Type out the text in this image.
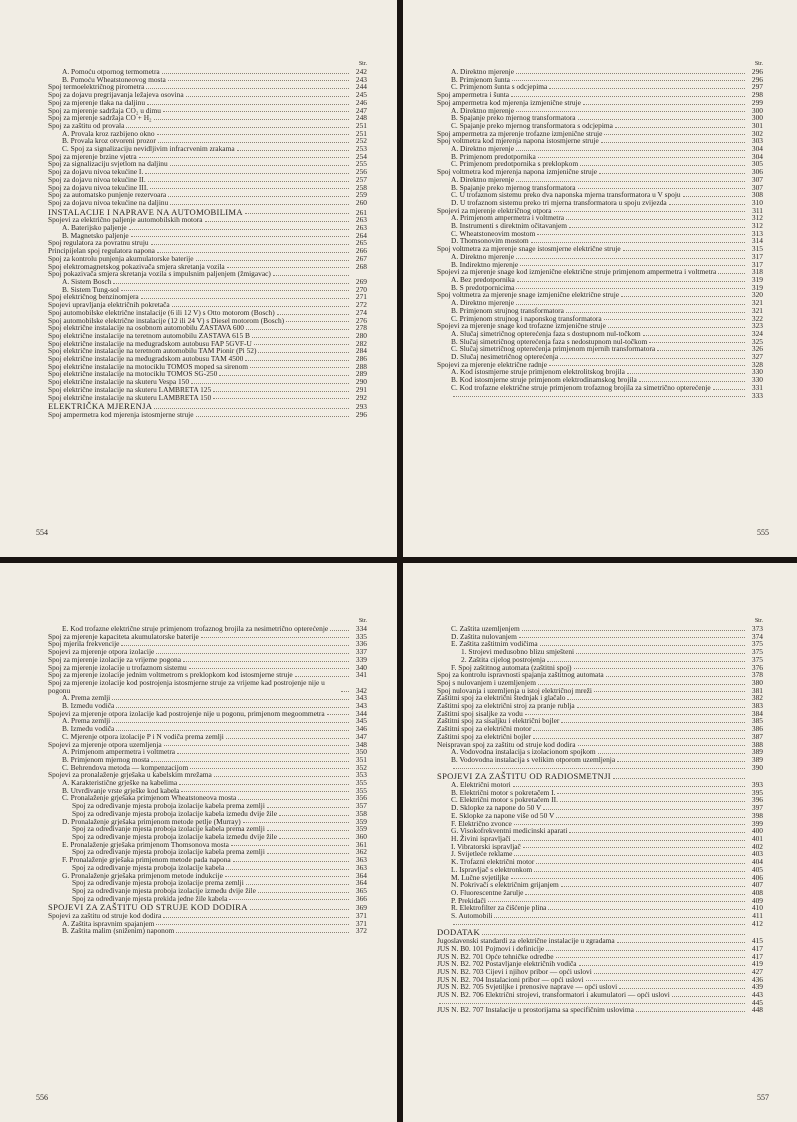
Str.
A. Pomoću otpornog termometra	242
B. Pomoću Wheatstoneovog mosta	243
Spoj termoelektričnog pirometra	244
Spoj za dojavu pregrijavanja ležajeva osovina	245
Spoj za mjerenje tlaka na daljinu	246
Spoj za mjerenje sadržaja CO₂ u dimu	247
Spoj za mjerenje sadržaja CO + H₂	248
Spoj za zaštitu od provala	251
A. Provala kroz razbijeno okno	251
B. Provala kroz otvoreni prozor	252
C. Spoj za signalizaciju nevidljivim infracrvenim zrakama	253
Spoj za mjerenje brzine vjetra	254
Spoj za signalizaciju svjetlom na daljinu	255
Spoj za dojavu nivoa tekućine I.	256
Spoj za dojavu nivoa tekućine II.	257
Spoj za dojavu nivoa tekućine III.	258
Spoj za automatsko punjenje rezervoara	259
Spoj za dojavu nivoa tekućine na daljinu	260
INSTALACIJE I NAPRAVE NA AUTOMOBILIMA	261
Spojevi za električno paljenje automobilskih motora	263
A. Baterijsko paljenje	263
B. Magnetsko paljenje	264
Spoj regulatora za povratnu struju	265
Principijelan spoj regulatora napona	266
Spoj za kontrolu punjenja akumulatorske baterije	267
Spoj elektromagnetskog pokazivača smjera skretanja vozila	268
Spoj pokazivača smjera skretanja vozila s impulsnim paljenjem (žmigavac)
A. Sistem Bosch	269
B. Sistem Tung-sol	270
Spoj električnog benzinomjera	271
Spojevi upravljanja električnih pokretača	272
Spoj automobilske električne instalacije (6 ili 12 V) s Otto motorom (Bosch)	274
Spoj automobilske električne instalacije (12 ili 24 V) s Diesel motorom (Bosch)	276
Spoj električne instalacije na osobnom automobilu ZASTAVA 600	278
Spoj električne instalacije na teretnom automobilu ZASTAVA 615 B	280
Spoj električne instalacije na međugradskom autobusu FAP 5GVF-U	282
Spoj električne instalacije na teretnom automobilu TAM Pionir (Pi 52)	284
Spoj električne instalacije na međugradskom autobusu TAM 4500	286
Spoj električne instalacije na motociklu TOMOS moped sa sirenom	288
Spoj električne instalacije na motociklu TOMOS SG-250	289
Spoj električne instalacije na skuteru Vespa 150	290
Spoj električne instalacije na skuteru LAMBRETA 125	291
Spoj električne instalacije na skuteru LAMBRETA 150	292
ELEKTRIČKA MJERENJA	293
Spoj ampermetra kod mjerenja istosmjerne struje	296
554
Str.
A. Direktno mjerenje	296
B. Primjenom šunta	296
C. Primjenom šunta s odcjepima	297
Spoj ampermetra i šunta	298
Spoj ampermetra kod mjerenja izmjenične struje	299
A. Direktno mjerenje	300
B. Spajanje preko mjernog transformatora	300
C. Spajanje preko mjernog transformatora s odcjepima	301
Spoj ampermetra za mjerenje trofazne izmjenične struje	302
Spoj voltmetra kod mjerenja napona istosmjerne struje	303
A. Direktno mjerenje	304
B. Primjenom predotpornika	304
C. Primjenom predotpornika s preklopkom	305
Spoj voltmetra kod mjerenja napona izmjenične struje	306
A. Direktno mjerenje	307
B. Spajanje preko mjernog transformatora	307
C. U trofaznom sistemu preko dva naponska mjerna transformatora u V spoju	308
D. U trofaznom sistemu preko tri mjerna transformatora u spoju zvijezda	310
Spojevi za mjerenje električnog otpora	311
A. Primjenom ampermetra i voltmetra	312
B. Instrumenti s direktnim očitavanjem	312
C. Wheatstoneovim mostom	313
D. Thomsonovim mostom	314
Spoj voltmetra za mjerenje snage istosmjerne električne struje	315
A. Direktno mjerenje	317
B. Indirektno mjerenje	317
Spojevi za mjerenje snage kod izmjenične električne struje primjenom ampermetra i voltmetra	318
A. Bez predotpornika	319
B. S predotpornicima	319
Spoj voltmetra za mjerenje snage izmjenične električne struje	320
A. Direktno mjerenje	321
B. Primjenom strujnog transformatora	321
C. Primjenom strujnog i naponskog transformatora	322
Spojevi za mjerenje snage kod trofazne izmjenične struje	323
A. Slučaj simetričnog opterećenja faza s dostupnom nul-točkom	324
B. Slučaj simetričnog opterećenja faza s nedostupnom nul-točkom	325
C. Slučaj simetričnog opterećenja primjenom mjernih transformatora	326
D. Slučaj nesimetričnog opterećenja	327
Spojevi za mjerenje električne radnje	328
A. Kod istosmjerne struje primjenom elektrolitskog brojila	330
B. Kod istosmjerne struje primjenom elektrodinamskog brojila	330
C. Kod trofazne električne struje primjenom trofaznog brojila za simetrično opterećenje	331
333
555
Str.
E. Kod trofazne električne struje primjenom trofaznog brojila za nesimetrično opterećenje	334
Spoj za mjerenje kapaciteta akumulatorske baterije	335
Spoj mjerila frekvencije	336
Spojevi za mjerenje otpora izolacije	337
Spoj za mjerenje izolacije za vrijeme pogona	339
Spoj za mjerenje izolacije u trofaznom sistemu	340
Spoj za mjerenje izolacije jednim voltmetrom s preklopkom kod istosmjerne struje	341
Spoj za mjerenje izolacije kod postrojenja istosmjerne struje za vrijeme kad postrojenje nije u pogonu	342
A. Prema zemlji	343
B. Između vodiča	343
Spojevi za mjerenje otpora izolacije kad postrojenje nije u pogonu, primjenom megoommetra	344
A. Prema zemlji	345
B. Između vodiča	346
C. Mjerenje otpora izolacije P i N vodiča prema zemlji	347
Spojevi za mjerenje otpora uzemljenja	348
A. Primjenom ampermetra i voltmetra	350
B. Primjenom mjernog mosta	351
C. Behrendova metoda — kompenzacijom	352
Spojevi za pronalaženje grješaka u kabelskim mrežama	353
A. Karakteristične grješke na kabelima	355
B. Utvrđivanje vrste grješke kod kabela	355
C. Pronalaženje grješaka primjenom Wheatstoneova mosta	356
Spoj za određivanje mjesta proboja izolacije kabela prema zemlji	357
Spoj za određivanje mjesta proboja izolacije kabela između dvije žile	358
D. Pronalaženje grješaka primjenom metode petlje (Murray)	359
Spoj za određivanje mjesta proboja izolacije kabela prema zemlji	359
Spoj za određivanje mjesta proboja izolacije kabela između dvije žile	360
E. Pronalaženje grješaka primjenom Thomsonova mosta	361
Spoj za određivanje mjesta proboja izolacije kabela prema zemlji	362
F. Pronalaženje grješaka primjenom metode pada napona	363
Spoj za određivanje mjesta proboja izolacije kabela	363
G. Pronalaženje grješaka primjenom metode indukcije	364
Spoj za određivanje mjesta proboja izolacije prema zemlji	364
Spoj za određivanje mjesta proboja izolacije između dvije žile	365
Spoj za određivanje mjesta prekida jedne žile kabela	366
SPOJEVI ZA ZAŠTITU OD STRUJE KOD DODIRA	369
Spojevi za zaštitu od struje kod dodira	371
A. Zaštita ispravnim spajanjem	371
B. Zaštita malim (sniženim) naponom	372
556
Str.
C. Zaštita uzemljenjem	373
D. Zaštita nulovanjem	374
E. Zaštita zaštitnim vodičima	375
1. Strojevi međusobno blizu smješteni	375
2. Zaštita cijelog postrojenja	375
F. Spoj zaštitnog automata (zaštitni spoj)	376
Spoj za kontrolu ispravnosti spajanja zaštitnog automata	378
Spoj s nulovanjem i uzemljenjem	380
Spoj nulovanja i uzemljenja u istoj električnoj mreži	381
Zaštitni spoj za električni štednjak i glačalo	382
Zaštitni spoj za električni stroj za pranje rublja	383
Zaštitni spoj sisaljke za vodu	384
Zaštitni spoj za sisaljku i električni bojler	385
Zaštitni spoj za električni motor	386
Zaštitni spoj za električni bojler	387
Neispravan spoj za zaštitu od struje kod dodira	388
A. Vodovodna instalacija s izolacionom spojkom	389
B. Vodovodna instalacija s velikim otporom uzemljenja	389
390
SPOJEVI ZA ZAŠTITU OD RADIOSMETNJI
A. Električni motori	393
B. Električni motor s pokretačem I.	395
C. Električni motor s pokretačem II.	396
D. Sklopke za napone do 50 V	397
E. Sklopke za napone više od 50 V	398
F. Električno zvonce	399
G. Visokofrekventni medicinski aparati	400
H. Živini ispravljači	401
I. Vibratorski ispravljač	402
J. Svijetleće reklame	403
K. Trofazni električni motor	404
L. Ispravljač s elektronkom	405
M. Lučne svjetiljke	406
N. Pokrivači s električnim grijanjem	407
O. Fluorescentne žarulje	408
P. Prekidači	409
R. Elektrofilter za čišćenje plina	410
S. Automobili	411
412
DODATAK
Jugoslavenski standardi za električne instalacije u zgradama	415
JUS N. B0. 101 Pojmovi i definicije	417
JUS N. B2. 701 Opće tehničke odredbe	417
JUS N. B2. 702 Postavljanje električnih vodiča	419
JUS N. B2. 703 Cijevi i njihov pribor — opći uslovi	427
JUS N. B2. 704 Instalacioni pribor — opći uslovi	436
JUS N. B2. 705 Svjetiljke i prenosive naprave — opći uslovi	439
JUS N. B2. 706 Električni strojevi, transformatori i akumulatori — opći uslovi	443
445
JUS N. B2. 707 Instalacije u prostorijama sa specifičnim uslovima	448
557
